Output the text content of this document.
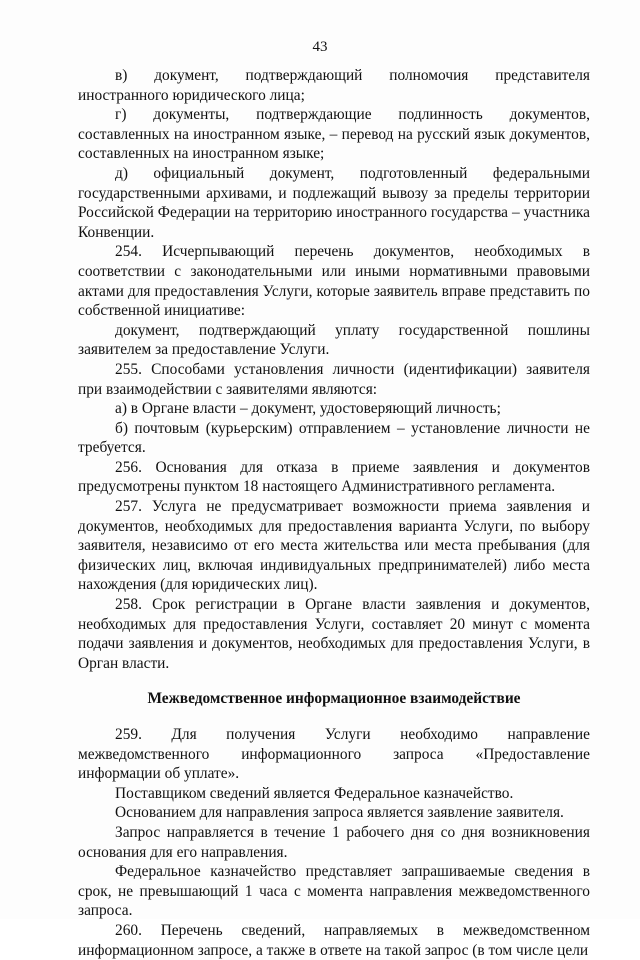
43

в) документ, подтверждающий полномочия представителя иностранного юридического лица;

г) документы, подтверждающие подлинность документов, составленных на иностранном языке, – перевод на русский язык документов, составленных на иностранном языке;

д) официальный документ, подготовленный федеральными государственными архивами, и подлежащий вывозу за пределы территории Российской Федерации на территорию иностранного государства – участника Конвенции.

254. Исчерпывающий перечень документов, необходимых в соответствии с законодательными или иными нормативными правовыми актами для предоставления Услуги, которые заявитель вправе представить по собственной инициативе:

документ, подтверждающий уплату государственной пошлины заявителем за предоставление Услуги.

255. Способами установления личности (идентификации) заявителя при взаимодействии с заявителями являются:

а) в Органе власти – документ, удостоверяющий личность;

б) почтовым (курьерским) отправлением – установление личности не требуется.

256. Основания для отказа в приеме заявления и документов предусмотрены пунктом 18 настоящего Административного регламента.

257. Услуга не предусматривает возможности приема заявления и документов, необходимых для предоставления варианта Услуги, по выбору заявителя, независимо от его места жительства или места пребывания (для физических лиц, включая индивидуальных предпринимателей) либо места нахождения (для юридических лиц).

258. Срок регистрации в Органе власти заявления и документов, необходимых для предоставления Услуги, составляет 20 минут с момента подачи заявления и документов, необходимых для предоставления Услуги, в Орган власти.

Межведомственное информационное взаимодействие

259. Для получения Услуги необходимо направление межведомственного информационного запроса «Предоставление информации об уплате».

Поставщиком сведений является Федеральное казначейство.

Основанием для направления запроса является заявление заявителя.

Запрос направляется в течение 1 рабочего дня со дня возникновения основания для его направления.

Федеральное казначейство представляет запрашиваемые сведения в срок, не превышающий 1 часа с момента направления межведомственного запроса.

260. Перечень сведений, направляемых в межведомственном информационном запросе, а также в ответе на такой запрос (в том числе цели
